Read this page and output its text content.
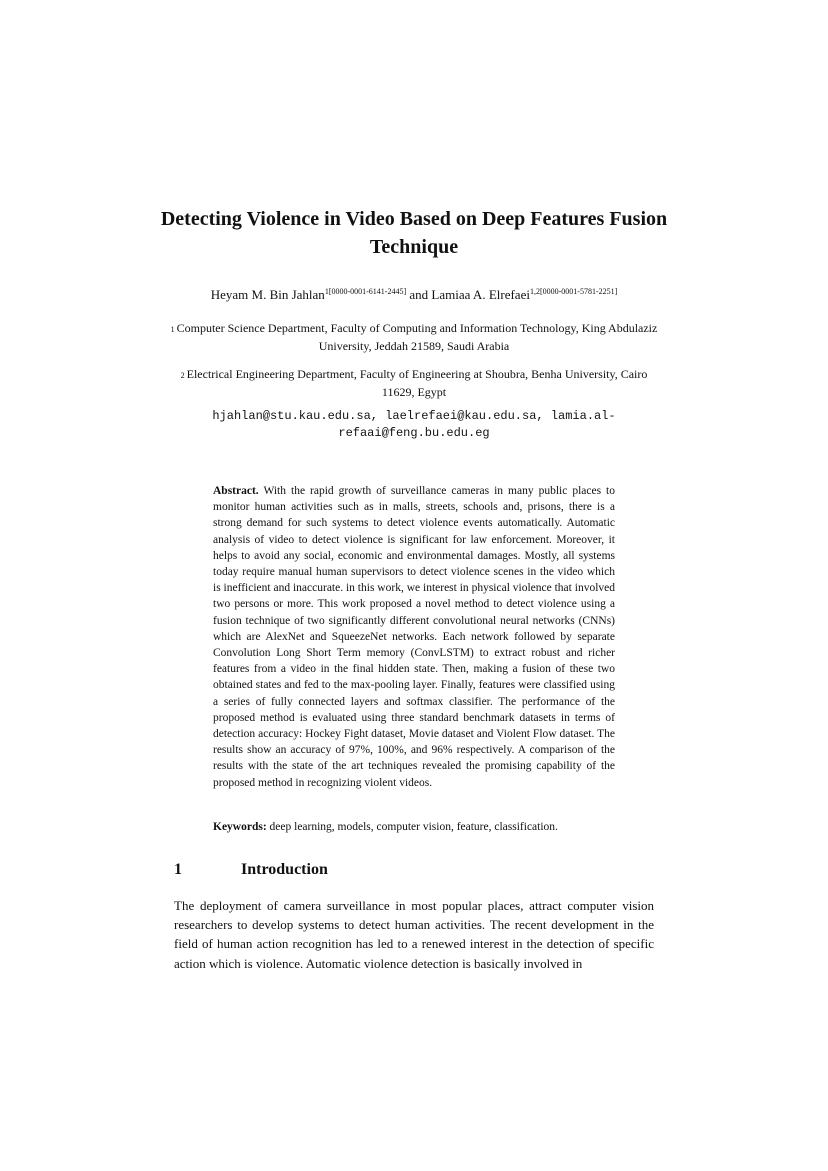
Detecting Violence in Video Based on Deep Features Fusion Technique
Heyam M. Bin Jahlan$^{1[0000-0001-6141-2445]}$ and Lamiaa A. Elrefaei$^{1,2[0000-0001-5781-2251]}$
1 Computer Science Department, Faculty of Computing and Information Technology, King Abdulaziz University, Jeddah 21589, Saudi Arabia
2 Electrical Engineering Department, Faculty of Engineering at Shoubra, Benha University, Cairo 11629, Egypt
hjahlan@stu.kau.edu.sa, laelrefaei@kau.edu.sa, lamia.al-refaai@feng.bu.edu.eg
Abstract. With the rapid growth of surveillance cameras in many public places to monitor human activities such as in malls, streets, schools and, prisons, there is a strong demand for such systems to detect violence events automatically. Automatic analysis of video to detect violence is significant for law enforcement. Moreover, it helps to avoid any social, economic and environmental damages. Mostly, all systems today require manual human supervisors to detect violence scenes in the video which is inefficient and inaccurate. in this work, we interest in physical violence that involved two persons or more. This work proposed a novel method to detect violence using a fusion technique of two significantly different convolutional neural networks (CNNs) which are AlexNet and SqueezeNet networks. Each network followed by separate Convolution Long Short Term memory (ConvLSTM) to extract robust and richer features from a video in the final hidden state. Then, making a fusion of these two obtained states and fed to the max-pooling layer. Finally, features were classified using a series of fully connected layers and softmax classifier. The performance of the proposed method is evaluated using three standard benchmark datasets in terms of detection accuracy: Hockey Fight dataset, Movie dataset and Violent Flow dataset. The results show an accuracy of 97%, 100%, and 96% respectively. A comparison of the results with the state of the art techniques revealed the promising capability of the proposed method in recognizing violent videos.
Keywords: deep learning, models, computer vision, feature, classification.
1	Introduction
The deployment of camera surveillance in most popular places, attract computer vision researchers to develop systems to detect human activities. The recent development in the field of human action recognition has led to a renewed interest in the detection of specific action which is violence. Automatic violence detection is basically involved in
